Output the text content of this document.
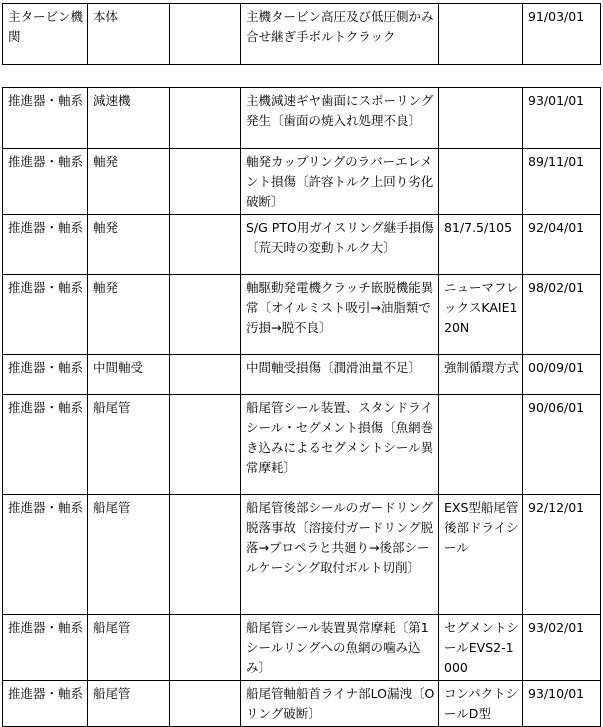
主タービン機関	本体		主機タービン高圧及び低圧側かみ合せ継ぎ手ボルトクラック		91/03/01
推進器・軸系	減速機		主機減速ギヤ歯面にスポーリング発生〔歯面の焼入れ処理不良〕		93/01/01
推進器・軸系	軸発		軸発カップリングのラバーエレメント損傷〔許容トルク上回り劣化破断〕		89/11/01
推進器・軸系	軸発		S/G PTO用ガイスリング継手損傷〔荒天時の変動トルク大〕	81/7.5/105	92/04/01
推進器・軸系	軸発		軸駆動発電機クラッチ嵌脱機能異常〔オイルミスト吸引→油脂類で汚損→脱不良〕	ニューマフレックスKAIE120N	98/02/01
推進器・軸系	中間軸受		中間軸受損傷〔潤滑油量不足〕	強制循環方式	00/09/01
推進器・軸系	船尾管		船尾管シール装置、スタンドライシール・セグメント損傷〔魚網巻き込みによるセグメントシール異常摩耗〕		90/06/01
推進器・軸系	船尾管		船尾管後部シールのガードリング脱落事故〔溶接付ガードリング脱落→プロペラと共廻り→後部シールケーシング取付ボルト切削〕	EXS型船尾管後部ドライシール	92/12/01
推進器・軸系	船尾管		船尾管シール装置異常摩耗〔第1シールリングへの魚網の噛み込み〕	セグメントシールEVS2-1000	93/02/01
推進器・軸系	船尾管		船尾管軸船首ライナ部LO漏洩〔Oリング破断〕	コンパクトシールD型	93/10/01
